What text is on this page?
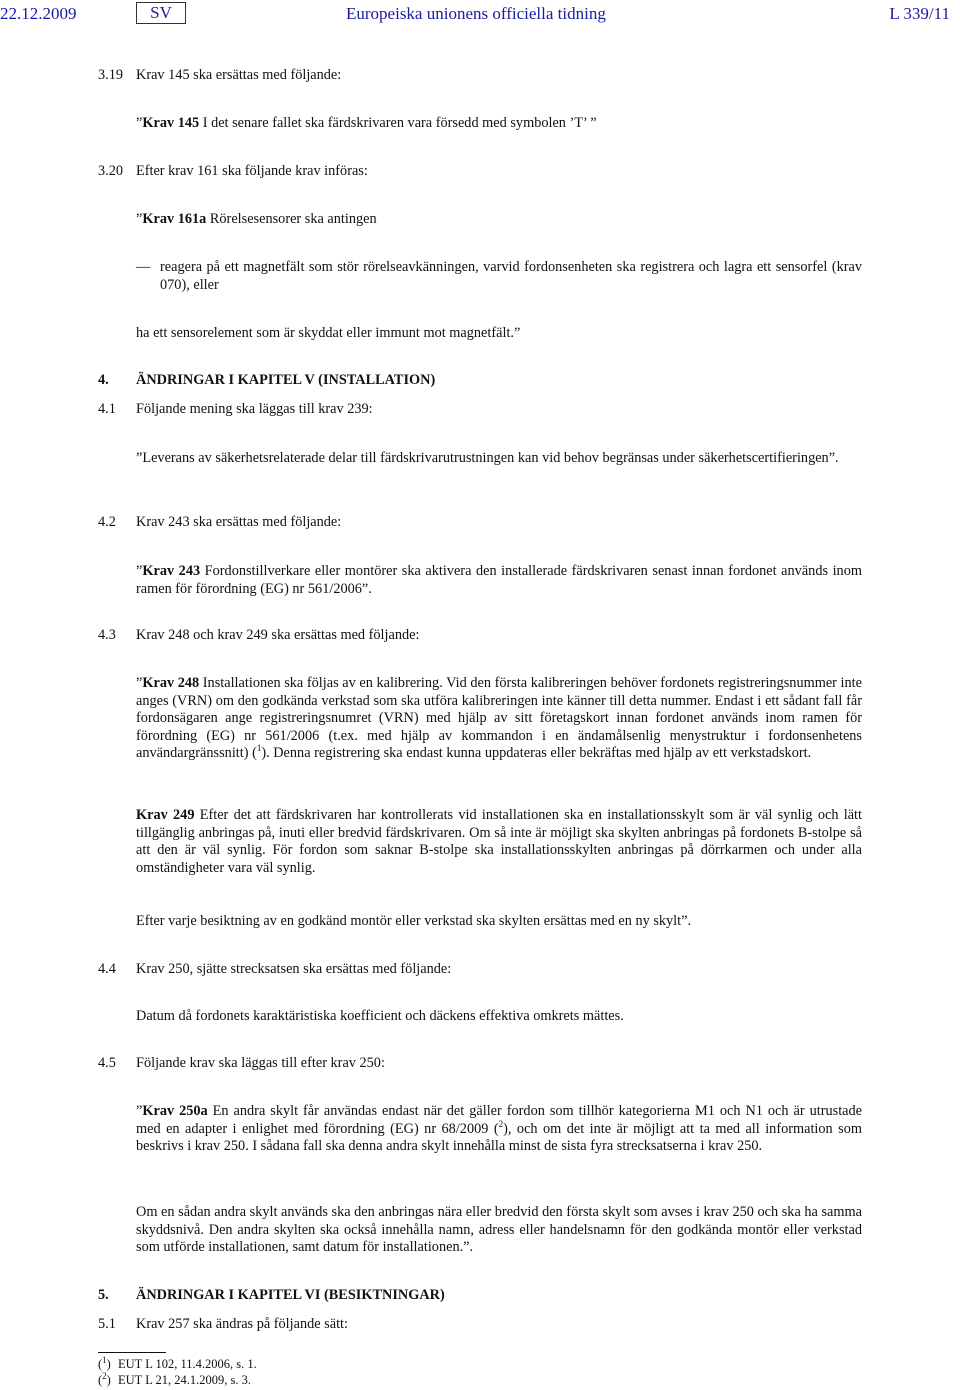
22.12.2009	SV	Europeiska unionens officiella tidning	L 339/11
3.19 Krav 145 ska ersättas med följande:
”Krav 145 I det senare fallet ska färdskrivaren vara försedd med symbolen ’T’ ”
3.20 Efter krav 161 ska följande krav införas:
”Krav 161a Rörelsesensorer ska antingen
— reagera på ett magnetfält som stör rörelseavkänningen, varvid fordonsenheten ska registrera och lagra ett sensorfel (krav 070), eller
ha ett sensorelement som är skyddat eller immunt mot magnetfält.”
4. ÄNDRINGAR I KAPITEL V (INSTALLATION)
4.1 Följande mening ska läggas till krav 239:
”Leverans av säkerhetsrelaterade delar till färdskrivarutrustningen kan vid behov begränsas under säkerhetscertifieringen”.
4.2 Krav 243 ska ersättas med följande:
”Krav 243 Fordonstillverkare eller montörer ska aktivera den installerade färdskrivaren senast innan fordonet används inom ramen för förordning (EG) nr 561/2006”.
4.3 Krav 248 och krav 249 ska ersättas med följande:
”Krav 248 Installationen ska följas av en kalibrering. Vid den första kalibreringen behöver fordonets registreringsnummer inte anges (VRN) om den godkända verkstad som ska utföra kalibreringen inte känner till detta nummer. Endast i ett sådant fall får fordonsägaren ange registreringsnumret (VRN) med hjälp av sitt företagskort innan fordonet används inom ramen för förordning (EG) nr 561/2006 (t.ex. med hjälp av kommandon i en ändamålsenlig menystruktur i fordonsenhetens användargränssnitt) ($^1$). Denna registrering ska endast kunna uppdateras eller bekräftas med hjälp av ett verkstadskort.
Krav 249 Efter det att färdskrivaren har kontrollerats vid installationen ska en installationsskylt som är väl synlig och lätt tillgänglig anbringas på, inuti eller bredvid färdskrivaren. Om så inte är möjligt ska skylten anbringas på fordonets B-stolpe så att den är väl synlig. För fordon som saknar B-stolpe ska installationsskylten anbringas på dörrkarmen och under alla omständigheter vara väl synlig.
Efter varje besiktning av en godkänd montör eller verkstad ska skylten ersättas med en ny skylt”.
4.4 Krav 250, sjätte strecksatsen ska ersättas med följande:
Datum då fordonets karaktäristiska koefficient och däckens effektiva omkrets mättes.
4.5 Följande krav ska läggas till efter krav 250:
”Krav 250a En andra skylt får användas endast när det gäller fordon som tillhör kategorierna M1 och N1 och är utrustade med en adapter i enlighet med förordning (EG) nr 68/2009 ($^2$), och om det inte är möjligt att ta med all information som beskrivs i krav 250. I sådana fall ska denna andra skylt innehålla minst de sista fyra strecksatserna i krav 250.
Om en sådan andra skylt används ska den anbringas nära eller bredvid den första skylt som avses i krav 250 och ska ha samma skyddsnivå. Den andra skylten ska också innehålla namn, adress eller handelsnamn för den godkända montör eller verkstad som utförde installationen, samt datum för installationen.”.
5. ÄNDRINGAR I KAPITEL VI (BESIKTNINGAR)
5.1 Krav 257 ska ändras på följande sätt:
($^1$) EUT L 102, 11.4.2006, s. 1.
($^2$) EUT L 21, 24.1.2009, s. 3.
